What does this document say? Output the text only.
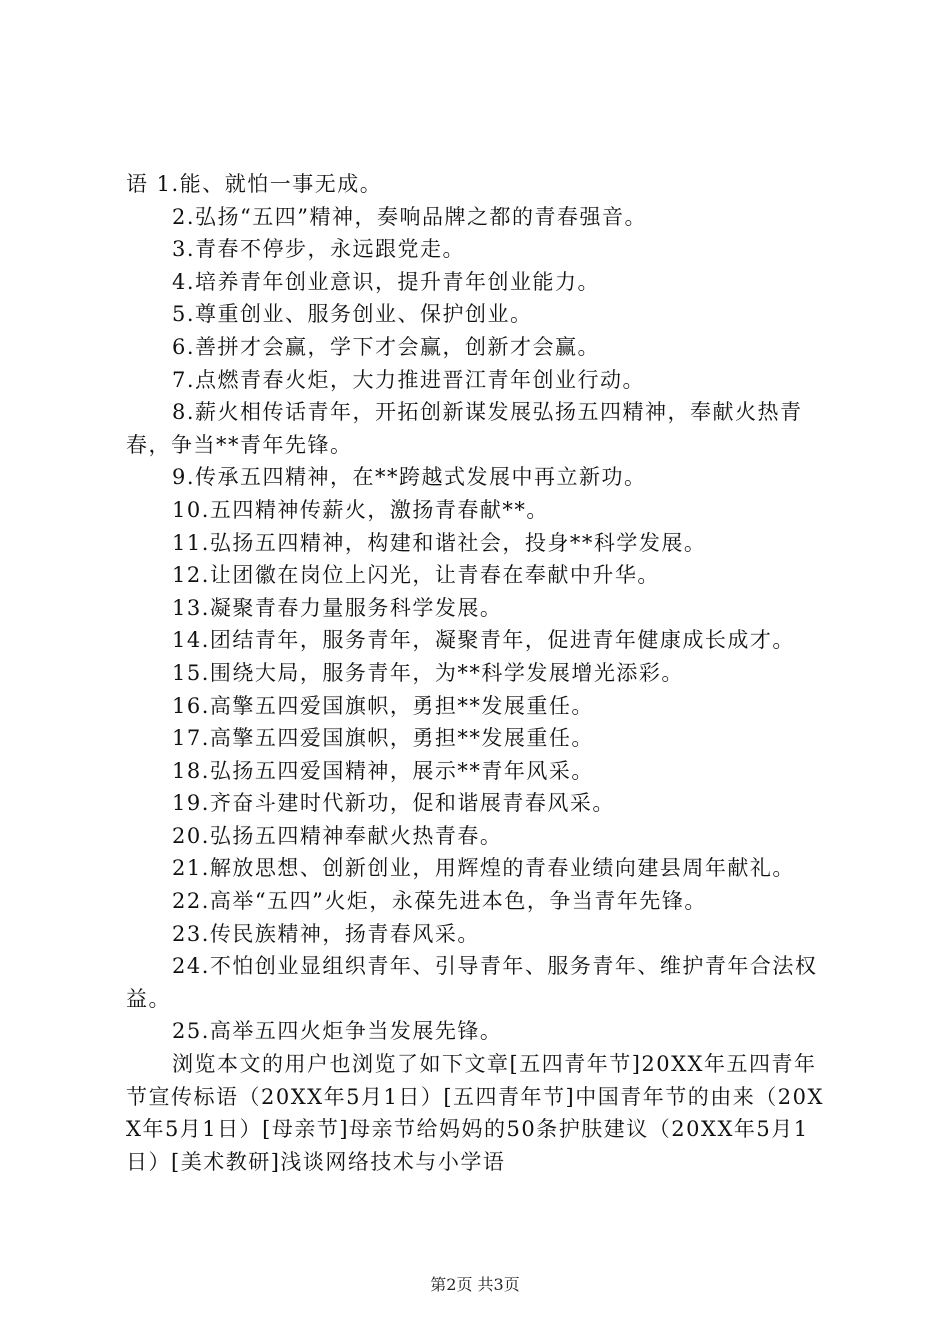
语 1.能、就怕一事无成。

2.弘扬“五四”精神，奏响品牌之都的青春强音。

3.青春不停步，永远跟党走。

4.培养青年创业意识，提升青年创业能力。

5.尊重创业、服务创业、保护创业。

6.善拼才会赢，学下才会赢，创新才会赢。

7.点燃青春火炬，大力推进晋江青年创业行动。

8.薪火相传话青年，开拓创新谋发展弘扬五四精神，奉献火热青春，争当**青年先锋。

9.传承五四精神，在**跨越式发展中再立新功。

10.五四精神传薪火，激扬青春献**。

11.弘扬五四精神，构建和谐社会，投身**科学发展。

12.让团徽在岗位上闪光，让青春在奉献中升华。

13.凝聚青春力量服务科学发展。

14.团结青年，服务青年，凝聚青年，促进青年健康成长成才。

15.围绕大局，服务青年，为**科学发展增光添彩。

16.高擎五四爱国旗帜，勇担**发展重任。

17.高擎五四爱国旗帜，勇担**发展重任。

18.弘扬五四爱国精神，展示**青年风采。

19.齐奋斗建时代新功，促和谐展青春风采。

20.弘扬五四精神奉献火热青春。

21.解放思想、创新创业，用辉煌的青春业绩向建县周年献礼。

22.高举“五四”火炬，永葆先进本色，争当青年先锋。

23.传民族精神，扬青春风采。

24.不怕创业显组织青年、引导青年、服务青年、维护青年合法权益。

25.高举五四火炬争当发展先锋。

浏览本文的用户也浏览了如下文章[五四青年节]20XX年五四青年节宣传标语（20XX年5月1日）[五四青年节]中国青年节的由来（20XX年5月1日）[母亲节]母亲节给妈妈的50条护肤建议（20XX年5月1日）[美术教研]浅谈网络技术与小学语

第2页 共3页
